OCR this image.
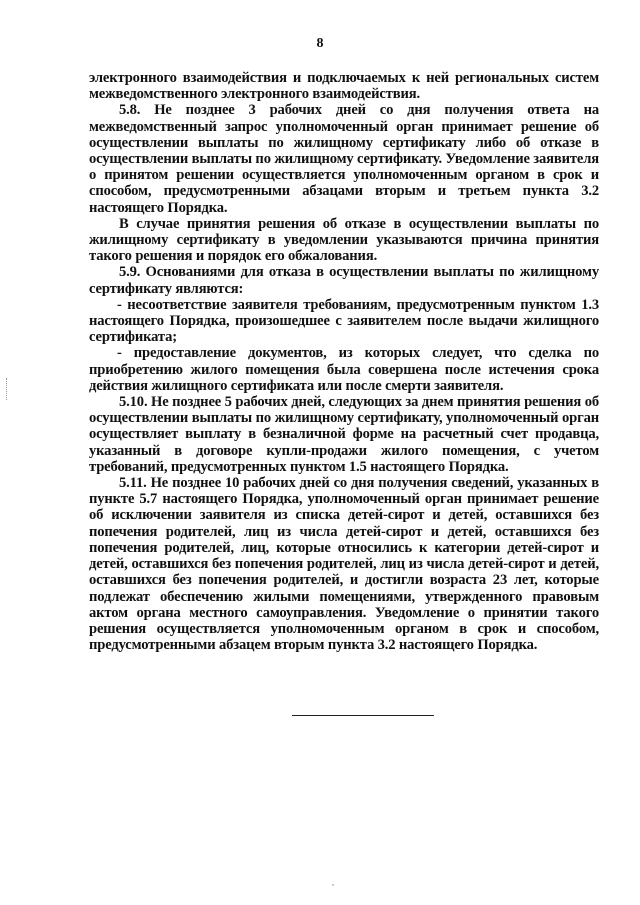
8

электронного взаимодействия и подключаемых к ней региональных систем межведомственного электронного взаимодействия.

5.8. Не позднее 3 рабочих дней со дня получения ответа на межведомственный запрос уполномоченный орган принимает решение об осуществлении выплаты по жилищному сертификату либо об отказе в осуществлении выплаты по жилищному сертификату. Уведомление заявителя о принятом решении осуществляется уполномоченным органом в срок и способом, предусмотренными абзацами вторым и третьем пункта 3.2 настоящего Порядка.

В случае принятия решения об отказе в осуществлении выплаты по жилищному сертификату в уведомлении указываются причина принятия такого решения и порядок его обжалования.

5.9. Основаниями для отказа в осуществлении выплаты по жилищному сертификату являются:

- несоответствие заявителя требованиям, предусмотренным пунктом 1.3 настоящего Порядка, произошедшее с заявителем после выдачи жилищного сертификата;

- предоставление документов, из которых следует, что сделка по приобретению жилого помещения была совершена после истечения срока действия жилищного сертификата или после смерти заявителя.

5.10. Не позднее 5 рабочих дней, следующих за днем принятия решения об осуществлении выплаты по жилищному сертификату, уполномоченный орган осуществляет выплату в безналичной форме на расчетный счет продавца, указанный в договоре купли-продажи жилого помещения, с учетом требований, предусмотренных пунктом 1.5 настоящего Порядка.

5.11. Не позднее 10 рабочих дней со дня получения сведений, указанных в пункте 5.7 настоящего Порядка, уполномоченный орган принимает решение об исключении заявителя из списка детей-сирот и детей, оставшихся без попечения родителей, лиц из числа детей-сирот и детей, оставшихся без попечения родителей, лиц, которые относились к категории детей-сирот и детей, оставшихся без попечения родителей, лиц из числа детей-сирот и детей, оставшихся без попечения родителей, и достигли возраста 23 лет, которые подлежат обеспечению жилыми помещениями, утвержденного правовым актом органа местного самоуправления. Уведомление о принятии такого решения осуществляется уполномоченным органом в срок и способом, предусмотренными абзацем вторым пункта 3.2 настоящего Порядка.
